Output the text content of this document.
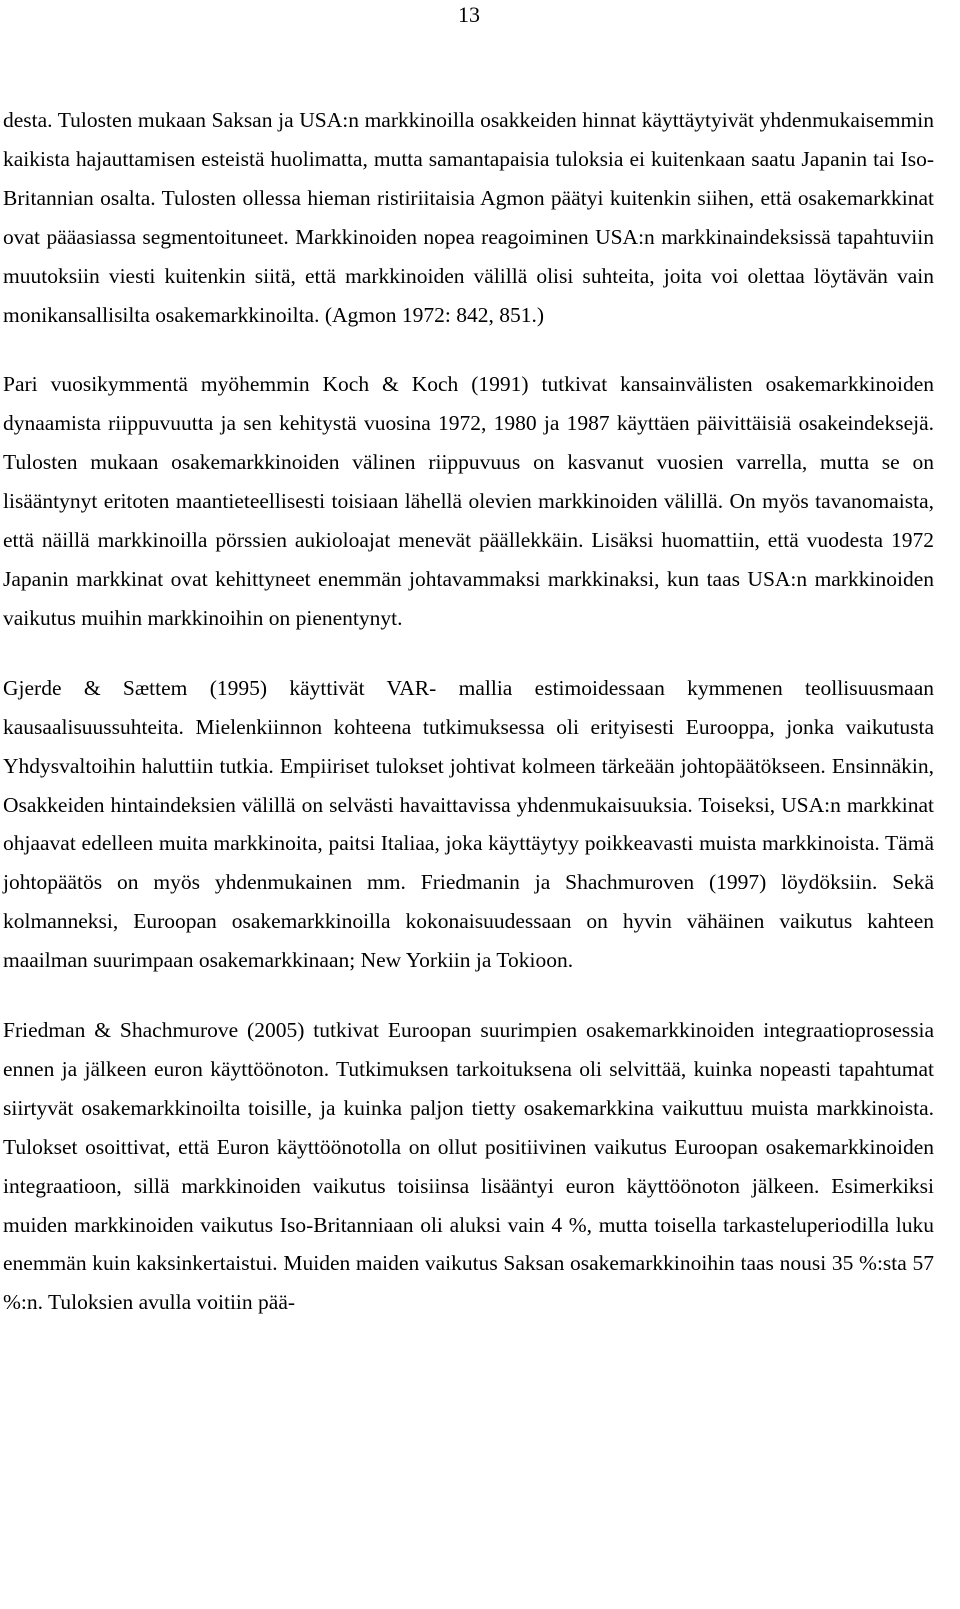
13

desta. Tulosten mukaan Saksan ja USA:n markkinoilla osakkeiden hinnat käyttäytyivät yhdenmukaisemmin kaikista hajauttamisen esteistä huolimatta, mutta samantapaisia tuloksia ei kuitenkaan saatu Japanin tai Iso-Britannian osalta. Tulosten ollessa hieman ristiriitaisia Agmon päätyi kuitenkin siihen, että osakemarkkinat ovat pääasiassa segmentoituneet. Markkinoiden nopea reagoiminen USA:n markkinaindeksissä tapahtuviin muutoksiin viesti kuitenkin siitä, että markkinoiden välillä olisi suhteita, joita voi olettaa löytävän vain monikansallisilta osakemarkkinoilta. (Agmon 1972: 842, 851.)

Pari vuosikymmentä myöhemmin Koch & Koch (1991) tutkivat kansainvälisten osakemarkkinoiden dynaamista riippuvuutta ja sen kehitystä vuosina 1972, 1980 ja 1987 käyttäen päivittäisiä osakeindeksejä. Tulosten mukaan osakemarkkinoiden välinen riippuvuus on kasvanut vuosien varrella, mutta se on lisääntynyt eritoten maantieteellisesti toisiaan lähellä olevien markkinoiden välillä. On myös tavanomaista, että näillä markkinoilla pörssien aukioloajat menevät päällekkäin. Lisäksi huomattiin, että vuodesta 1972 Japanin markkinat ovat kehittyneet enemmän johtavammaksi markkinaksi, kun taas USA:n markkinoiden vaikutus muihin markkinoihin on pienentynyt.

Gjerde & Sættem (1995) käyttivät VAR- mallia estimoidessaan kymmenen teollisuusmaan kausaalisuussuhteita. Mielenkiinnon kohteena tutkimuksessa oli erityisesti Eurooppa, jonka vaikutusta Yhdysvaltoihin haluttiin tutkia. Empiiriset tulokset johtivat kolmeen tärkeään johtopäätökseen. Ensinnäkin, Osakkeiden hintaindeksien välillä on selvästi havaittavissa yhdenmukaisuuksia. Toiseksi, USA:n markkinat ohjaavat edelleen muita markkinoita, paitsi Italiaa, joka käyttäytyy poikkeavasti muista markkinoista. Tämä johtopäätös on myös yhdenmukainen mm. Friedmanin ja Shachmuroven (1997) löydöksiin. Sekä kolmanneksi, Euroopan osakemarkkinoilla kokonaisuudessaan on hyvin vähäinen vaikutus kahteen maailman suurimpaan osakemarkkinaan; New Yorkiin ja Tokioon.

Friedman & Shachmurove (2005) tutkivat Euroopan suurimpien osakemarkkinoiden integraatioprosessia ennen ja jälkeen euron käyttöönoton. Tutkimuksen tarkoituksena oli selvittää, kuinka nopeasti tapahtumat siirtyvät osakemarkkinoilta toisille, ja kuinka paljon tietty osakemarkkina vaikuttuu muista markkinoista. Tulokset osoittivat, että Euron käyttöönotolla on ollut positiivinen vaikutus Euroopan osakemarkkinoiden integraatioon, sillä markkinoiden vaikutus toisiinsa lisääntyi euron käyttöönoton jälkeen. Esimerkiksi muiden markkinoiden vaikutus Iso-Britanniaan oli aluksi vain 4 %, mutta toisella tarkasteluperiodilla luku enemmän kuin kaksinkertaistui. Muiden maiden vaikutus Saksan osakemarkkinoihin taas nousi 35 %:sta 57 %:n. Tuloksien avulla voitiin pää-
